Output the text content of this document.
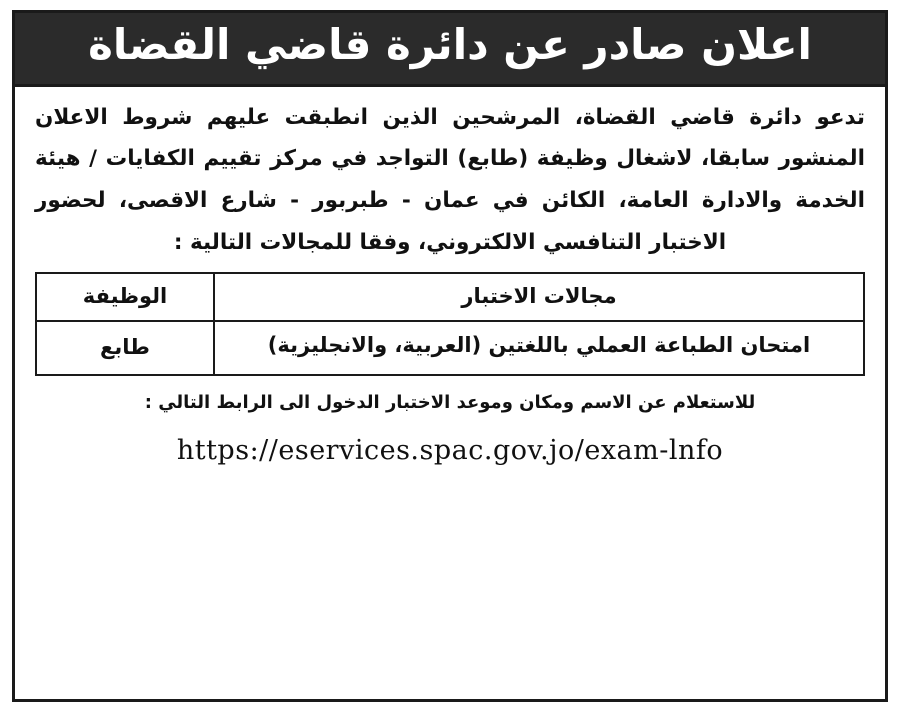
اعلان صادر عن دائرة قاضي القضاة

تدعو دائرة قاضي القضاة، المرشحين الذين انطبقت عليهم شروط الاعلان المنشور سابقا، لاشغال وظيفة (طابع) التواجد في مركز تقييم الكفايات / هيئة الخدمة والادارة العامة، الكائن في عمان - طبربور - شارع الاقصى، لحضور الاختبار التنافسي الالكتروني، وفقا للمجالات التالية :

مجالات الاختبار	الوظيفة
امتحان الطباعة العملي باللغتين (العربية، والانجليزية)	طابع

للاستعلام عن الاسم ومكان وموعد الاختبار الدخول الى الرابط التالي :

https://eservices.spac.gov.jo/exam-lnfo
